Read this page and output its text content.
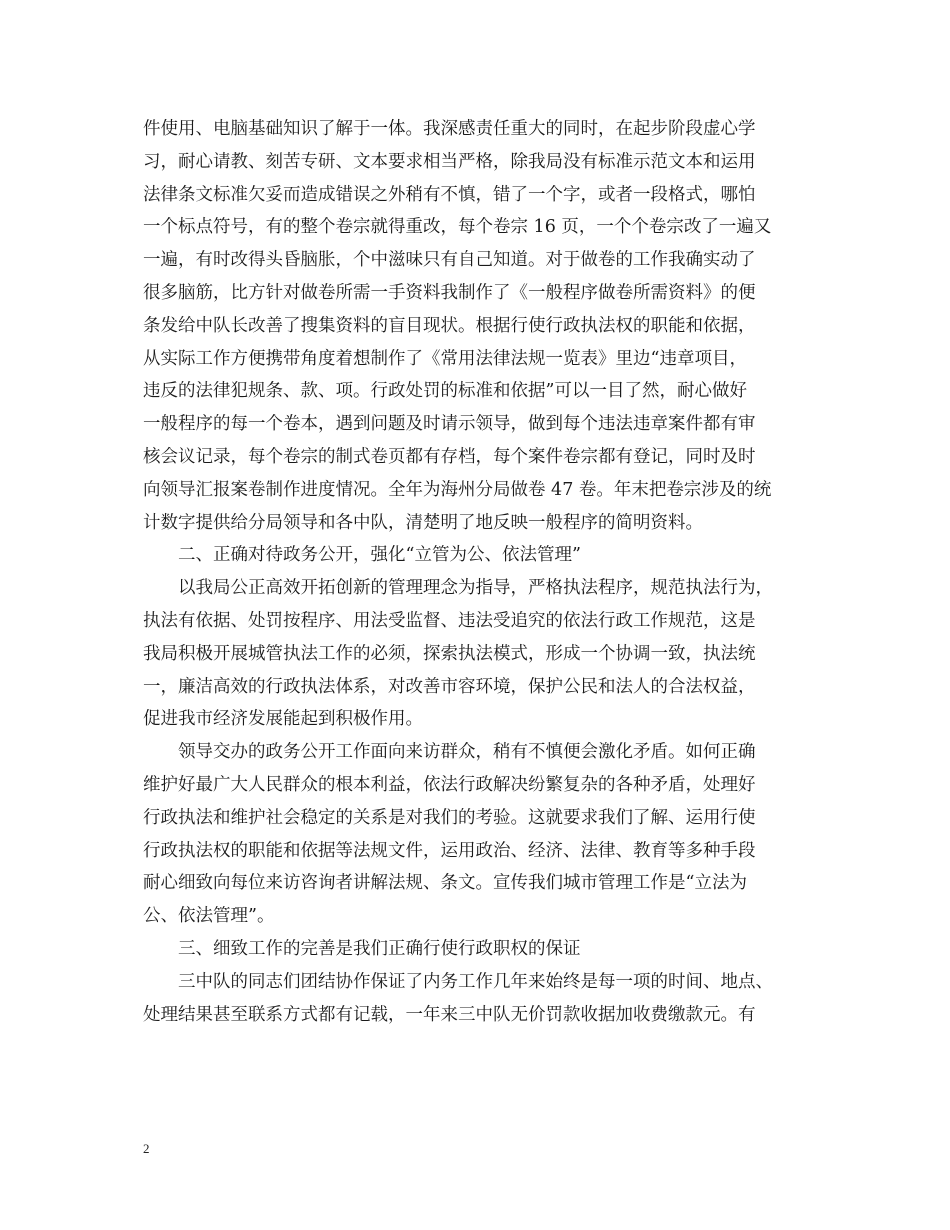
件使用、电脑基础知识了解于一体。我深感责任重大的同时，在起步阶段虚心学
习，耐心请教、刻苦专研、文本要求相当严格，除我局没有标准示范文本和运用
法律条文标准欠妥而造成错误之外稍有不慎，错了一个字，或者一段格式，哪怕
一个标点符号，有的整个卷宗就得重改，每个卷宗 16 页，一个个卷宗改了一遍又
一遍，有时改得头昏脑胀，个中滋味只有自己知道。对于做卷的工作我确实动了
很多脑筋，比方针对做卷所需一手资料我制作了《一般程序做卷所需资料》的便
条发给中队长改善了搜集资料的盲目现状。根据行使行政执法权的职能和依据，
从实际工作方便携带角度着想制作了《常用法律法规一览表》里边“违章项目，
违反的法律犯规条、款、项。行政处罚的标准和依据”可以一目了然，耐心做好
一般程序的每一个卷本，遇到问题及时请示领导，做到每个违法违章案件都有审
核会议记录，每个卷宗的制式卷页都有存档，每个案件卷宗都有登记，同时及时
向领导汇报案卷制作进度情况。全年为海州分局做卷 47 卷。年末把卷宗涉及的统
计数字提供给分局领导和各中队，清楚明了地反映一般程序的简明资料。
二、正确对待政务公开，强化“立管为公、依法管理”
以我局公正高效开拓创新的管理理念为指导，严格执法程序，规范执法行为，
执法有依据、处罚按程序、用法受监督、违法受追究的依法行政工作规范，这是
我局积极开展城管执法工作的必须，探索执法模式，形成一个协调一致，执法统
一，廉洁高效的行政执法体系，对改善市容环境，保护公民和法人的合法权益，
促进我市经济发展能起到积极作用。
领导交办的政务公开工作面向来访群众，稍有不慎便会激化矛盾。如何正确
维护好最广大人民群众的根本利益，依法行政解决纷繁复杂的各种矛盾，处理好
行政执法和维护社会稳定的关系是对我们的考验。这就要求我们了解、运用行使
行政执法权的职能和依据等法规文件，运用政治、经济、法律、教育等多种手段
耐心细致向每位来访咨询者讲解法规、条文。宣传我们城市管理工作是“立法为
公、依法管理”。
三、细致工作的完善是我们正确行使行政职权的保证
三中队的同志们团结协作保证了内务工作几年来始终是每一项的时间、地点、
处理结果甚至联系方式都有记载，一年来三中队无价罚款收据加收费缴款元。有
2
